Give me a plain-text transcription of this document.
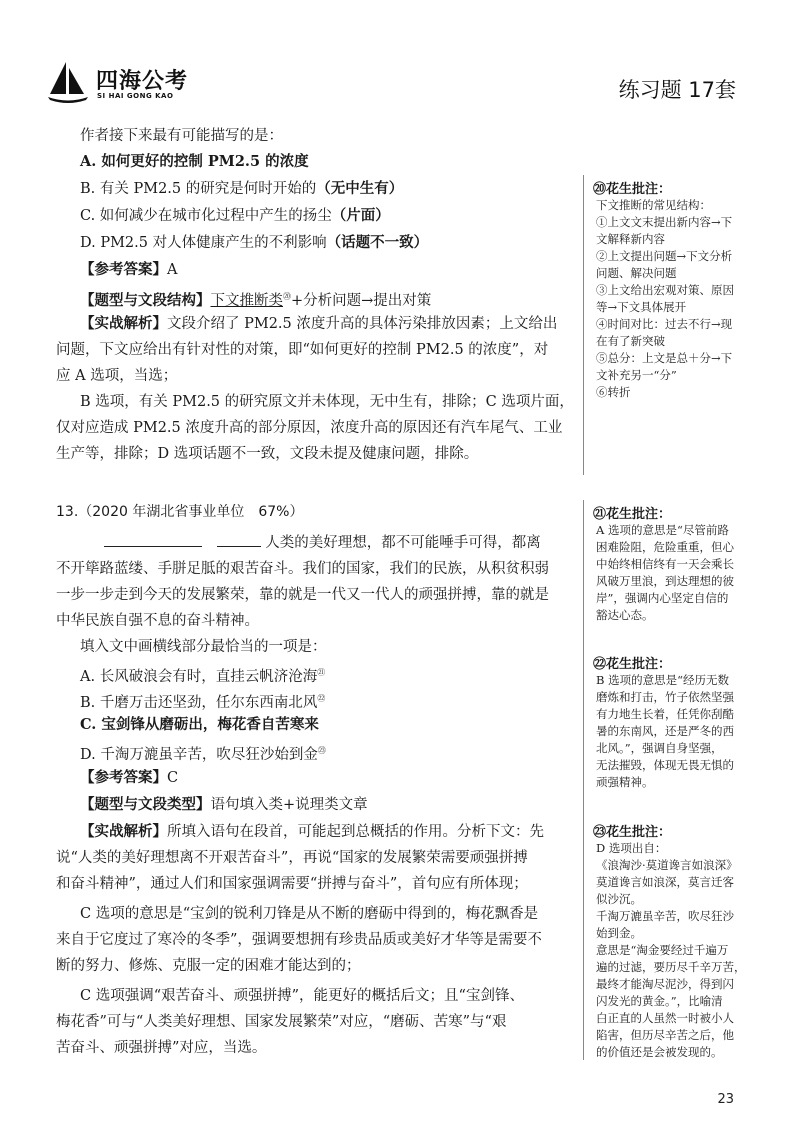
四海公考
SI HAI GONG KAO	练习题 17套
作者接下来最有可能描写的是：
A. 如何更好的控制 PM2.5 的浓度
B. 有关 PM2.5 的研究是何时开始的（无中生有）
C. 如何减少在城市化过程中产生的扬尘（片面）
D. PM2.5 对人体健康产生的不利影响（话题不一致）
【参考答案】A
【题型与文段结构】下文推断类⑳+分析问题→提出对策
【实战解析】文段介绍了 PM2.5 浓度升高的具体污染排放因素；上文给出
问题，下文应给出有针对性的对策，即“如何更好的控制 PM2.5 的浓度”，对
应 A 选项，当选；
B 选项，有关 PM2.5 的研究原文并未体现，无中生有，排除；C 选项片面，
仅对应造成 PM2.5 浓度升高的部分原因，浓度升高的原因还有汽车尾气、工业
生产等，排除；D 选项话题不一致，文段未提及健康问题，排除。
13.（2020 年湖北省事业单位　67%）
人类的美好理想，都不可能唾手可得，都离
不开筚路蓝缕、手胼足胝的艰苦奋斗。我们的国家，我们的民族，从积贫积弱
一步一步走到今天的发展繁荣，靠的就是一代又一代人的顽强拼搏，靠的就是
中华民族自强不息的奋斗精神。
填入文中画横线部分最恰当的一项是：
A. 长风破浪会有时，直挂云帆济沧海$^㉑$
B. 千磨万击还坚劲，任尔东西南北风$^㉒$
C. 宝剑锋从磨砺出，梅花香自苦寒来
D. 千淘万漉虽辛苦，吹尽狂沙始到金$^㉓$
【参考答案】C
【题型与文段类型】语句填入类+说理类文章
【实战解析】所填入语句在段首，可能起到总概括的作用。分析下文：先
说“人类的美好理想离不开艰苦奋斗”，再说“国家的发展繁荣需要顽强拼搏
和奋斗精神”，通过人们和国家强调需要“拼搏与奋斗”，首句应有所体现；
C 选项的意思是“宝剑的锐利刀锋是从不断的磨砺中得到的，梅花飘香是
来自于它度过了寒冷的冬季”，强调要想拥有珍贵品质或美好才华等是需要不
断的努力、修炼、克服一定的困难才能达到的；
C 选项强调“艰苦奋斗、顽强拼搏”，能更好的概括后文；且“宝剑锋、
梅花香”可与“人类美好理想、国家发展繁荣”对应，“磨砺、苦寒”与“艰
苦奋斗、顽强拼搏”对应，当选。
⑳花生批注：
下文推断的常见结构：
①上文文末提出新内容→下
文解释新内容
②上文提出问题→下文分析
问题、解决问题
③上文给出宏观对策、原因
等→下文具体展开
④时间对比：过去不行→现
在有了新突破
⑤总分：上文是总＋分→下
文补充另一“分”
⑥转折
㉑花生批注：
A 选项的意思是“尽管前路
困难险阻，危险重重，但心
中始终相信终有一天会乘长
风破万里浪，到达理想的彼
岸”，强调内心坚定自信的
豁达心态。
㉒花生批注：
B 选项的意思是“经历无数
磨炼和打击，竹子依然坚强
有力地生长着，任凭你刮酷
暑的东南风，还是严冬的西
北风。”，强调自身坚强，
无法摧毁，体现无畏无惧的
顽强精神。
㉓花生批注：
D 选项出自：
《浪淘沙·莫道谗言如浪深》
莫道谗言如浪深，莫言迁客
似沙沉。
千淘万漉虽辛苦，吹尽狂沙
始到金。
意思是“淘金要经过千遍万
遍的过滤，要历尽千辛万苦，
最终才能淘尽泥沙，得到闪
闪发光的黄金。”，比喻清
白正直的人虽然一时被小人
陷害，但历尽辛苦之后，他
的价值还是会被发现的。
23
